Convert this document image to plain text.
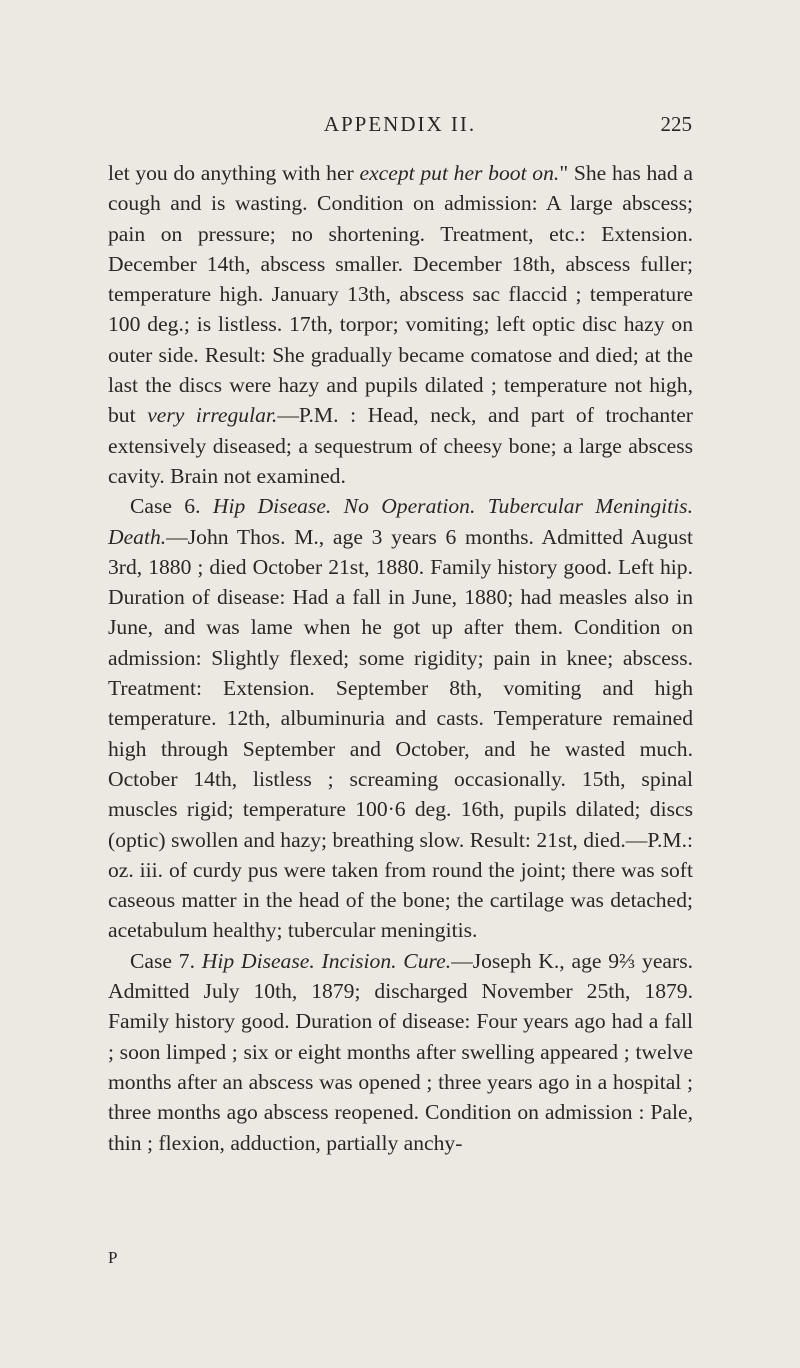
APPENDIX II.	225

let you do anything with her except put her boot on." She has had a cough and is wasting. Condition on admission: A large abscess; pain on pressure; no shortening. Treatment, etc.: Extension. December 14th, abscess smaller. December 18th, abscess fuller; temperature high. January 13th, abscess sac flaccid ; temperature 100 deg.; is listless. 17th, torpor; vomiting; left optic disc hazy on outer side. Result: She gradually became comatose and died; at the last the discs were hazy and pupils dilated ; temperature not high, but very irregular.—P.M. : Head, neck, and part of trochanter extensively diseased; a sequestrum of cheesy bone; a large abscess cavity. Brain not examined.

Case 6. Hip Disease. No Operation. Tubercular Meningitis. Death.—John Thos. M., age 3 years 6 months. Admitted August 3rd, 1880 ; died October 21st, 1880. Family history good. Left hip. Duration of disease: Had a fall in June, 1880; had measles also in June, and was lame when he got up after them. Condition on admission: Slightly flexed; some rigidity; pain in knee; abscess. Treatment: Extension. September 8th, vomiting and high temperature. 12th, albuminuria and casts. Temperature remained high through September and October, and he wasted much. October 14th, listless ; screaming occasionally. 15th, spinal muscles rigid; temperature 100·6 deg. 16th, pupils dilated; discs (optic) swollen and hazy; breathing slow. Result: 21st, died.—P.M.: oz. iii. of curdy pus were taken from round the joint; there was soft caseous matter in the head of the bone; the cartilage was detached; acetabulum healthy; tubercular meningitis.

Case 7. Hip Disease. Incision. Cure.—Joseph K., age 9⅔ years. Admitted July 10th, 1879; discharged November 25th, 1879. Family history good. Duration of disease: Four years ago had a fall ; soon limped ; six or eight months after swelling appeared ; twelve months after an abscess was opened ; three years ago in a hospital ; three months ago abscess reopened. Condition on admission : Pale, thin ; flexion, adduction, partially anchy-

P
